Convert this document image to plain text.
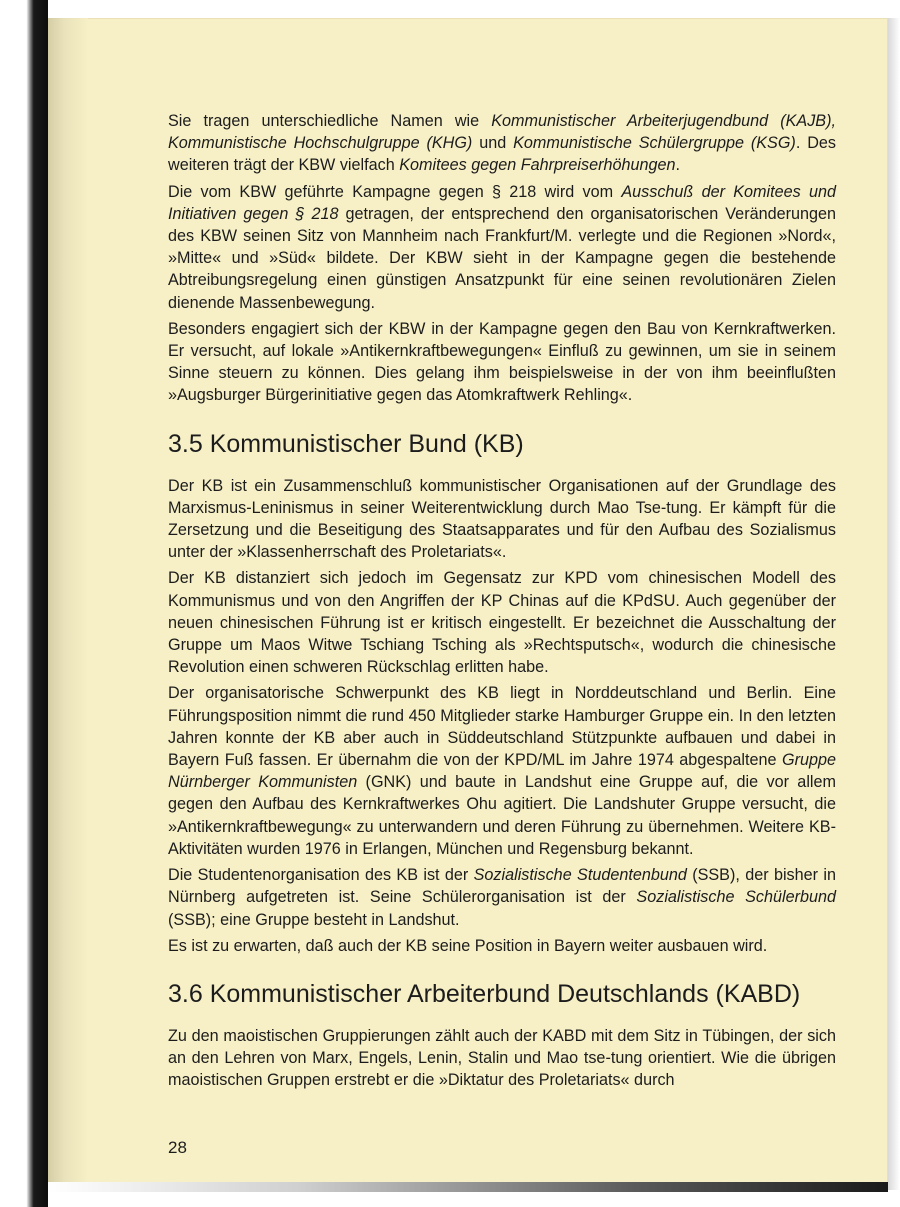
Sie tragen unterschiedliche Namen wie Kommunistischer Arbeiterjugendbund (KAJB), Kommunistische Hochschulgruppe (KHG) und Kommunistische Schülergruppe (KSG). Des weiteren trägt der KBW vielfach Komitees gegen Fahrpreiserhöhungen.

Die vom KBW geführte Kampagne gegen § 218 wird vom Ausschuß der Komitees und Initiativen gegen § 218 getragen, der entsprechend den organisatorischen Veränderungen des KBW seinen Sitz von Mannheim nach Frankfurt/M. verlegte und die Regionen »Nord«, »Mitte« und »Süd« bildete. Der KBW sieht in der Kampagne gegen die bestehende Abtreibungsregelung einen günstigen Ansatzpunkt für eine seinen revolutionären Zielen dienende Massenbewegung.

Besonders engagiert sich der KBW in der Kampagne gegen den Bau von Kernkraftwerken. Er versucht, auf lokale »Antikernkraftbewegungen« Einfluß zu gewinnen, um sie in seinem Sinne steuern zu können. Dies gelang ihm beispielsweise in der von ihm beeinflußten »Augsburger Bürgerinitiative gegen das Atomkraftwerk Rehling«.

3.5 Kommunistischer Bund (KB)

Der KB ist ein Zusammenschluß kommunistischer Organisationen auf der Grundlage des Marxismus-Leninismus in seiner Weiterentwicklung durch Mao Tse-tung. Er kämpft für die Zersetzung und die Beseitigung des Staatsapparates und für den Aufbau des Sozialismus unter der »Klassenherrschaft des Proletariats«.

Der KB distanziert sich jedoch im Gegensatz zur KPD vom chinesischen Modell des Kommunismus und von den Angriffen der KP Chinas auf die KPdSU. Auch gegenüber der neuen chinesischen Führung ist er kritisch eingestellt. Er bezeichnet die Ausschaltung der Gruppe um Maos Witwe Tschiang Tsching als »Rechtsputsch«, wodurch die chinesische Revolution einen schweren Rückschlag erlitten habe.

Der organisatorische Schwerpunkt des KB liegt in Norddeutschland und Berlin. Eine Führungsposition nimmt die rund 450 Mitglieder starke Hamburger Gruppe ein. In den letzten Jahren konnte der KB aber auch in Süddeutschland Stützpunkte aufbauen und dabei in Bayern Fuß fassen. Er übernahm die von der KPD/ML im Jahre 1974 abgespaltene Gruppe Nürnberger Kommunisten (GNK) und baute in Landshut eine Gruppe auf, die vor allem gegen den Aufbau des Kernkraftwerkes Ohu agitiert. Die Landshuter Gruppe versucht, die »Antikernkraftbewegung« zu unterwandern und deren Führung zu übernehmen. Weitere KB-Aktivitäten wurden 1976 in Erlangen, München und Regensburg bekannt.

Die Studentenorganisation des KB ist der Sozialistische Studentenbund (SSB), der bisher in Nürnberg aufgetreten ist. Seine Schülerorganisation ist der Sozialistische Schülerbund (SSB); eine Gruppe besteht in Landshut.

Es ist zu erwarten, daß auch der KB seine Position in Bayern weiter ausbauen wird.

3.6 Kommunistischer Arbeiterbund Deutschlands (KABD)

Zu den maoistischen Gruppierungen zählt auch der KABD mit dem Sitz in Tübingen, der sich an den Lehren von Marx, Engels, Lenin, Stalin und Mao tse-tung orientiert. Wie die übrigen maoistischen Gruppen erstrebt er die »Diktatur des Proletariats« durch

28
